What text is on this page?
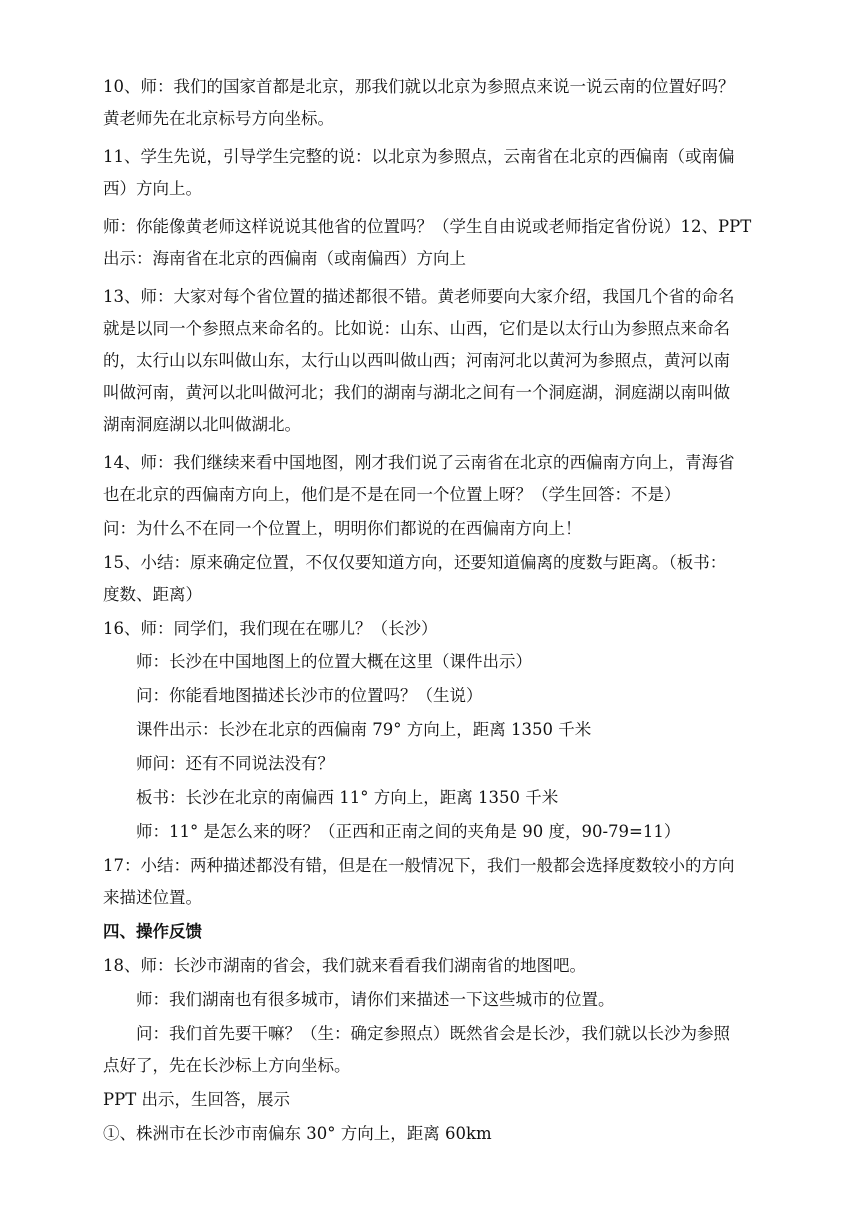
10、师：我们的国家首都是北京，那我们就以北京为参照点来说一说云南的位置好吗？
黄老师先在北京标号方向坐标。
11、学生先说，引导学生完整的说：以北京为参照点，云南省在北京的西偏南（或南偏
西）方向上。
师：你能像黄老师这样说说其他省的位置吗？（学生自由说或老师指定省份说）12、PPT
出示：海南省在北京的西偏南（或南偏西）方向上
13、师：大家对每个省位置的描述都很不错。黄老师要向大家介绍，我国几个省的命名
就是以同一个参照点来命名的。比如说：山东、山西，它们是以太行山为参照点来命名
的，太行山以东叫做山东，太行山以西叫做山西；河南河北以黄河为参照点，黄河以南
叫做河南，黄河以北叫做河北；我们的湖南与湖北之间有一个洞庭湖，洞庭湖以南叫做
湖南洞庭湖以北叫做湖北。
14、师：我们继续来看中国地图，刚才我们说了云南省在北京的西偏南方向上，青海省
也在北京的西偏南方向上，他们是不是在同一个位置上呀？（学生回答：不是）
问：为什么不在同一个位置上，明明你们都说的在西偏南方向上！
15、小结：原来确定位置，不仅仅要知道方向，还要知道偏离的度数与距离。（板书：
度数、距离）
16、师：同学们，我们现在在哪儿？（长沙）
师：长沙在中国地图上的位置大概在这里（课件出示）
问：你能看地图描述长沙市的位置吗？（生说）
课件出示：长沙在北京的西偏南 79° 方向上，距离 1350 千米
师问：还有不同说法没有？
板书：长沙在北京的南偏西 11° 方向上，距离 1350 千米
师：11° 是怎么来的呀？（正西和正南之间的夹角是 90 度，90-79=11）
17：小结：两种描述都没有错，但是在一般情况下，我们一般都会选择度数较小的方向
来描述位置。
四、操作反馈
18、师：长沙市湖南的省会，我们就来看看我们湖南省的地图吧。
师：我们湖南也有很多城市，请你们来描述一下这些城市的位置。
问：我们首先要干嘛？（生：确定参照点）既然省会是长沙，我们就以长沙为参照
点好了，先在长沙标上方向坐标。
PPT 出示，生回答，展示
①、株洲市在长沙市南偏东 30° 方向上，距离 60km
